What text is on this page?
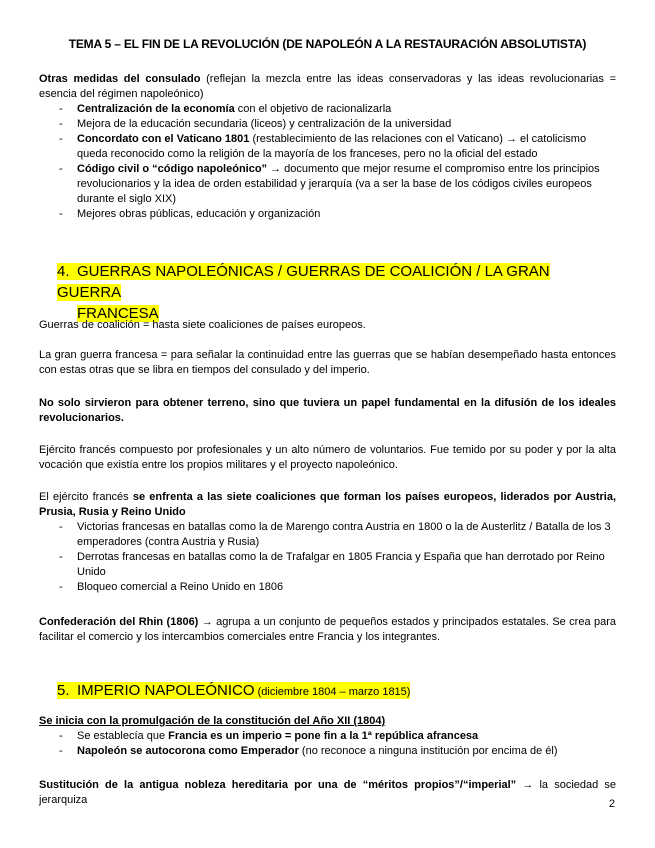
TEMA 5 – EL FIN DE LA REVOLUCIÓN (DE NAPOLEÓN A LA RESTAURACIÓN ABSOLUTISTA)
Otras medidas del consulado (reflejan la mezcla entre las ideas conservadoras y las ideas revolucionarias = esencia del régimen napoleónico)
- Centralización de la economía con el objetivo de racionalizarla
- Mejora de la educación secundaria (liceos) y centralización de la universidad
- Concordato con el Vaticano 1801 (restablecimiento de las relaciones con el Vaticano) → el catolicismo queda reconocido como la religión de la mayoría de los franceses, pero no la oficial del estado
- Código civil o “código napoleónico” → documento que mejor resume el compromiso entre los principios revolucionarios y la idea de orden estabilidad y jerarquía (va a ser la base de los códigos civiles europeos durante el siglo XIX)
- Mejores obras públicas, educación y organización
4. GUERRAS NAPOLEÓNICAS / GUERRAS DE COALICIÓN / LA GRAN GUERRA
FRANCESA
Guerras de coalición = hasta siete coaliciones de países europeos.
La gran guerra francesa = para señalar la continuidad entre las guerras que se habían desempeñado hasta entonces con estas otras que se libra en tiempos del consulado y del imperio.
No solo sirvieron para obtener terreno, sino que tuviera un papel fundamental en la difusión de los ideales revolucionarios.
Ejército francés compuesto por profesionales y un alto número de voluntarios. Fue temido por su poder y por la alta vocación que existía entre los propios militares y el proyecto napoleónico.
El ejército francés se enfrenta a las siete coaliciones que forman los países europeos, liderados por Austria, Prusia, Rusia y Reino Unido
- Victorias francesas en batallas como la de Marengo contra Austria en 1800 o la de Austerlitz / Batalla de los 3 emperadores (contra Austria y Rusia)
- Derrotas francesas en batallas como la de Trafalgar en 1805 Francia y España que han derrotado por Reino Unido
- Bloqueo comercial a Reino Unido en 1806
Confederación del Rhin (1806) → agrupa a un conjunto de pequeños estados y principados estatales. Se crea para facilitar el comercio y los intercambios comerciales entre Francia y los integrantes.
5. IMPERIO NAPOLEÓNICO (diciembre 1804 – marzo 1815)
Se inicia con la promulgación de la constitución del Año XII (1804)
- Se establecía que Francia es un imperio = pone fin a la 1ª república afrancesa
- Napoleón se autocorona como Emperador (no reconoce a ninguna institución por encima de él)
Sustitución de la antigua nobleza hereditaria por una de “méritos propios”/“imperial” → la sociedad se jerarquiza	2
